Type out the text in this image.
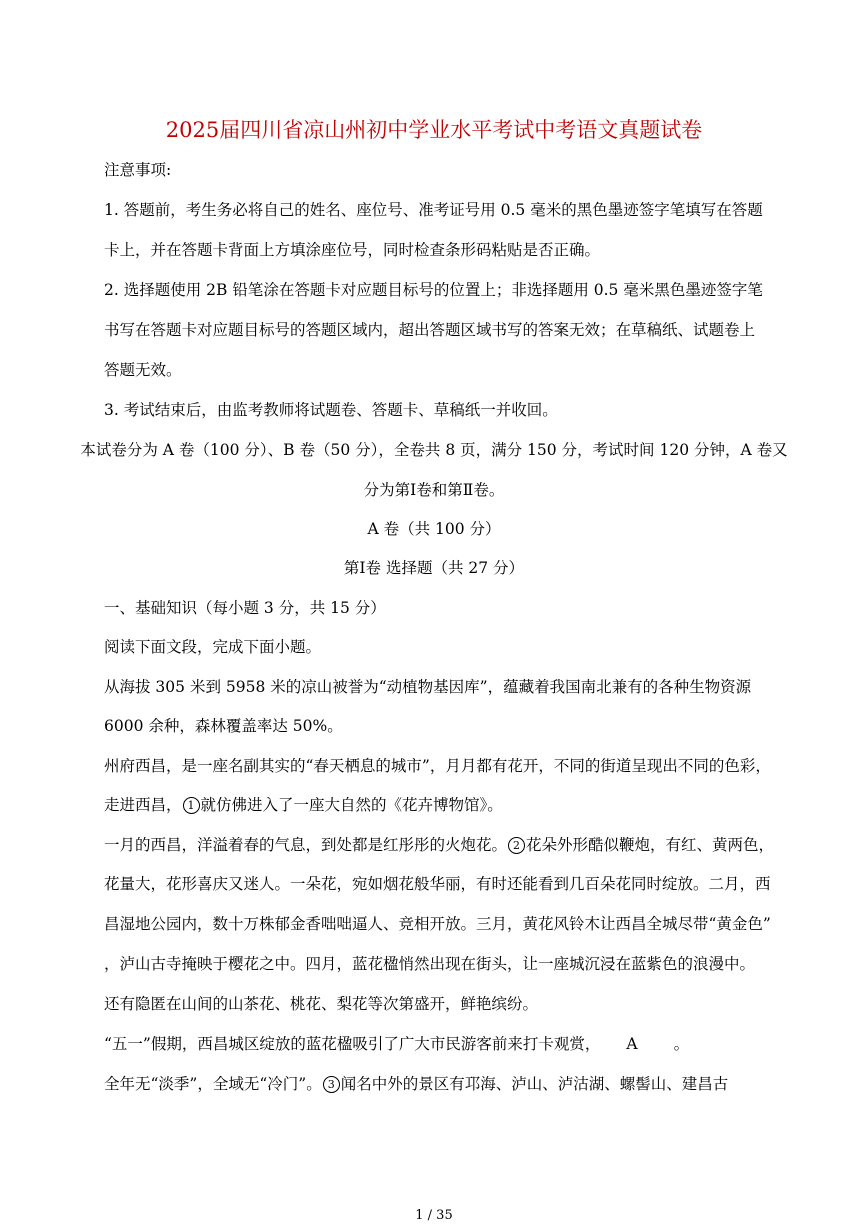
2025届四川省凉山州初中学业水平考试中考语文真题试卷
注意事项:
1. 答题前，考生务必将自己的姓名、座位号、准考证号用 0.5 毫米的黑色墨迹签字笔填写在答题
卡上，并在答题卡背面上方填涂座位号，同时检查条形码粘贴是否正确。
2. 选择题使用 2B 铅笔涂在答题卡对应题目标号的位置上；非选择题用 0.5 毫米黑色墨迹签字笔
书写在答题卡对应题目标号的答题区域内，超出答题区域书写的答案无效；在草稿纸、试题卷上
答题无效。
3. 考试结束后，由监考教师将试题卷、答题卡、草稿纸一并收回。
本试卷分为 A 卷（100 分）、B 卷（50 分），全卷共 8 页，满分 150 分，考试时间 120 分钟，A 卷又
分为第Ⅰ卷和第Ⅱ卷。
A 卷（共 100 分）
第Ⅰ卷 选择题（共 27 分）
一、基础知识（每小题 3 分，共 15 分）
阅读下面文段，完成下面小题。
从海拔 305 米到 5958 米的凉山被誉为“动植物基因库”，蕴藏着我国南北兼有的各种生物资源
6000 余种，森林覆盖率达 50%。
州府西昌，是一座名副其实的“春天栖息的城市”，月月都有花开，不同的街道呈现出不同的色彩，
走进西昌， 1 就仿佛进入了一座大自然的《花卉博物馆》。
一月的西昌，洋溢着春的气息，到处都是红彤彤的火炮花。 2 花朵外形酷似鞭炮，有红、黄两色，
花量大，花形喜庆又迷人。一朵花，宛如烟花般华丽，有时还能看到几百朵花同时绽放。二月，西
昌湿地公园内，数十万株郁金香咄咄逼人、竞相开放。三月，黄花风铃木让西昌全城尽带“黄金色”
，泸山古寺掩映于樱花之中。四月，蓝花楹悄然出现在街头，让一座城沉浸在蓝紫色的浪漫中。
还有隐匿在山间的山茶花、桃花、梨花等次第盛开，鲜艳缤纷。
“五一”假期，西昌城区绽放的蓝花楹吸引了广大市民游客前来打卡观赏， A 。
全年无“淡季”，全域无“冷门”。 3 闻名中外的景区有邛海、泸山、泸沽湖、螺髻山、建昌古
1 / 35
